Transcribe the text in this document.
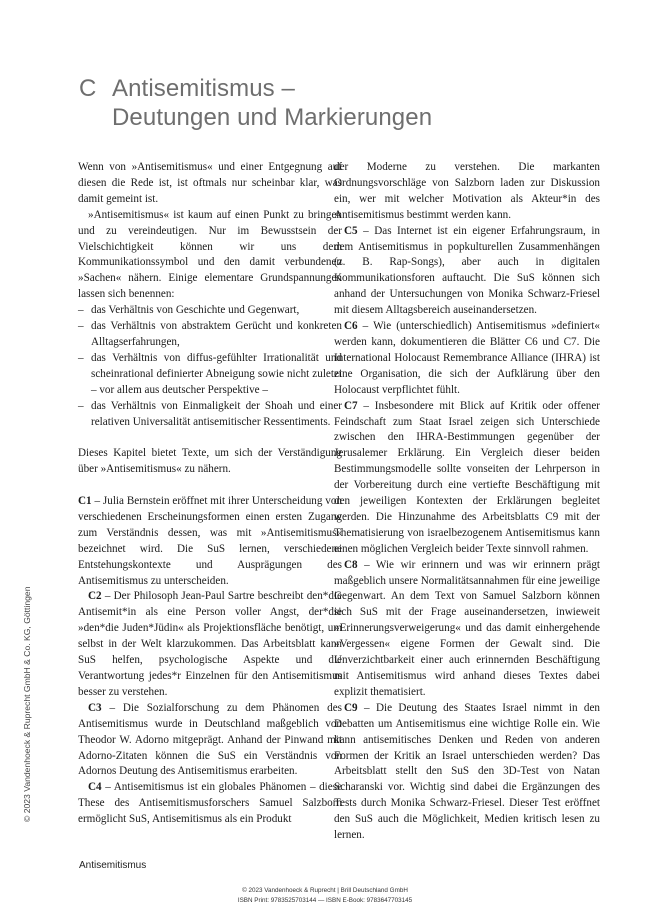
C Antisemitismus –
Deutungen und Markierungen

Wenn von »Antisemitismus« und einer Entgegnung auf diesen die Rede ist, ist oftmals nur scheinbar klar, was damit gemeint ist.

»Antisemitismus« ist kaum auf einen Punkt zu bringen und zu vereindeutigen. Nur im Bewusstsein der Vielschichtigkeit können wir uns dem Kommunikationssymbol und den damit verbundenen »Sachen« nähern. Einige elementare Grundspannungen lassen sich benennen:

– das Verhältnis von Geschichte und Gegenwart,
– das Verhältnis von abstraktem Gerücht und konkreten Alltagserfahrungen,
– das Verhältnis von diffus-gefühlter Irrationalität und scheinrational definierter Abneigung sowie nicht zuletzt – vor allem aus deutscher Perspektive –
– das Verhältnis von Einmaligkeit der Shoah und einer relativen Universalität antisemitischer Ressentiments.

Dieses Kapitel bietet Texte, um sich der Verständigung über »Antisemitismus« zu nähern.

C1 – Julia Bernstein eröffnet mit ihrer Unterscheidung von verschiedenen Erscheinungsformen einen ersten Zugang zum Verständnis dessen, was mit »Antisemitismus« bezeichnet wird. Die SuS lernen, verschiedene Entstehungskontexte und Ausprägungen des Antisemitismus zu unterscheiden.

C2 – Der Philosoph Jean-Paul Sartre beschreibt den*die Antisemit*in als eine Person voller Angst, der*die »den*die Juden*Jüdin« als Projektionsfläche benötigt, um selbst in der Welt klarzukommen. Das Arbeitsblatt kann SuS helfen, psychologische Aspekte und die Verantwortung jedes*r Einzelnen für den Antisemitismus besser zu verstehen.

C3 – Die Sozialforschung zu dem Phänomen des Antisemitismus wurde in Deutschland maßgeblich von Theodor W. Adorno mitgeprägt. Anhand der Pinwand mit Adorno-Zitaten können die SuS ein Verständnis von Adornos Deutung des Antisemitismus erarbeiten.

C4 – Antisemitismus ist ein globales Phänomen – diese These des Antisemitismusforschers Samuel Salzborn ermöglicht SuS, Antisemitismus als ein Produkt

der Moderne zu verstehen. Die markanten Ordnungsvorschläge von Salzborn laden zur Diskussion ein, wer mit welcher Motivation als Akteur*in des Antisemitismus bestimmt werden kann.

C5 – Das Internet ist ein eigener Erfahrungsraum, in dem Antisemitismus in popkulturellen Zusammenhängen (z. B. Rap-Songs), aber auch in digitalen Kommunikationsforen auftaucht. Die SuS können sich anhand der Untersuchungen von Monika Schwarz-Friesel mit diesem Alltagsbereich auseinandersetzen.

C6 – Wie (unterschiedlich) Antisemitismus »definiert« werden kann, dokumentieren die Blätter C6 und C7. Die International Holocaust Remembrance Alliance (IHRA) ist eine Organisation, die sich der Aufklärung über den Holocaust verpflichtet fühlt.

C7 – Insbesondere mit Blick auf Kritik oder offener Feindschaft zum Staat Israel zeigen sich Unterschiede zwischen den IHRA-Bestimmungen gegenüber der Jerusalemer Erklärung. Ein Vergleich dieser beiden Bestimmungsmodelle sollte vonseiten der Lehrperson in der Vorbereitung durch eine vertiefte Beschäftigung mit den jeweiligen Kontexten der Erklärungen begleitet werden. Die Hinzunahme des Arbeitsblatts C9 mit der Thematisierung von israelbezogenem Antisemitismus kann einen möglichen Vergleich beider Texte sinnvoll rahmen.

C8 – Wie wir erinnern und was wir erinnern prägt maßgeblich unsere Normalitätsannahmen für eine jeweilige Gegenwart. An dem Text von Samuel Salzborn können sich SuS mit der Frage auseinandersetzen, inwieweit »Erinnerungsverweigerung« und das damit einhergehende »Vergessen« eigene Formen der Gewalt sind. Die Unverzichtbarkeit einer auch erinnernden Beschäftigung mit Antisemitismus wird anhand dieses Textes dabei explizit thematisiert.

C9 – Die Deutung des Staates Israel nimmt in den Debatten um Antisemitismus eine wichtige Rolle ein. Wie kann antisemitisches Denken und Reden von anderen Formen der Kritik an Israel unterschieden werden? Das Arbeitsblatt stellt den SuS den 3D-Test von Natan Scharanski vor. Wichtig sind dabei die Ergänzungen des Tests durch Monika Schwarz-Friesel. Dieser Test eröffnet den SuS auch die Möglichkeit, Medien kritisch lesen zu lernen.

© 2023 Vandenhoeck & Ruprecht GmbH & Co. KG, Göttingen
Antisemitismus
© 2023 Vandenhoeck & Ruprecht | Brill Deutschland GmbH
ISBN Print: 9783525703144 — ISBN E-Book: 9783647703145
